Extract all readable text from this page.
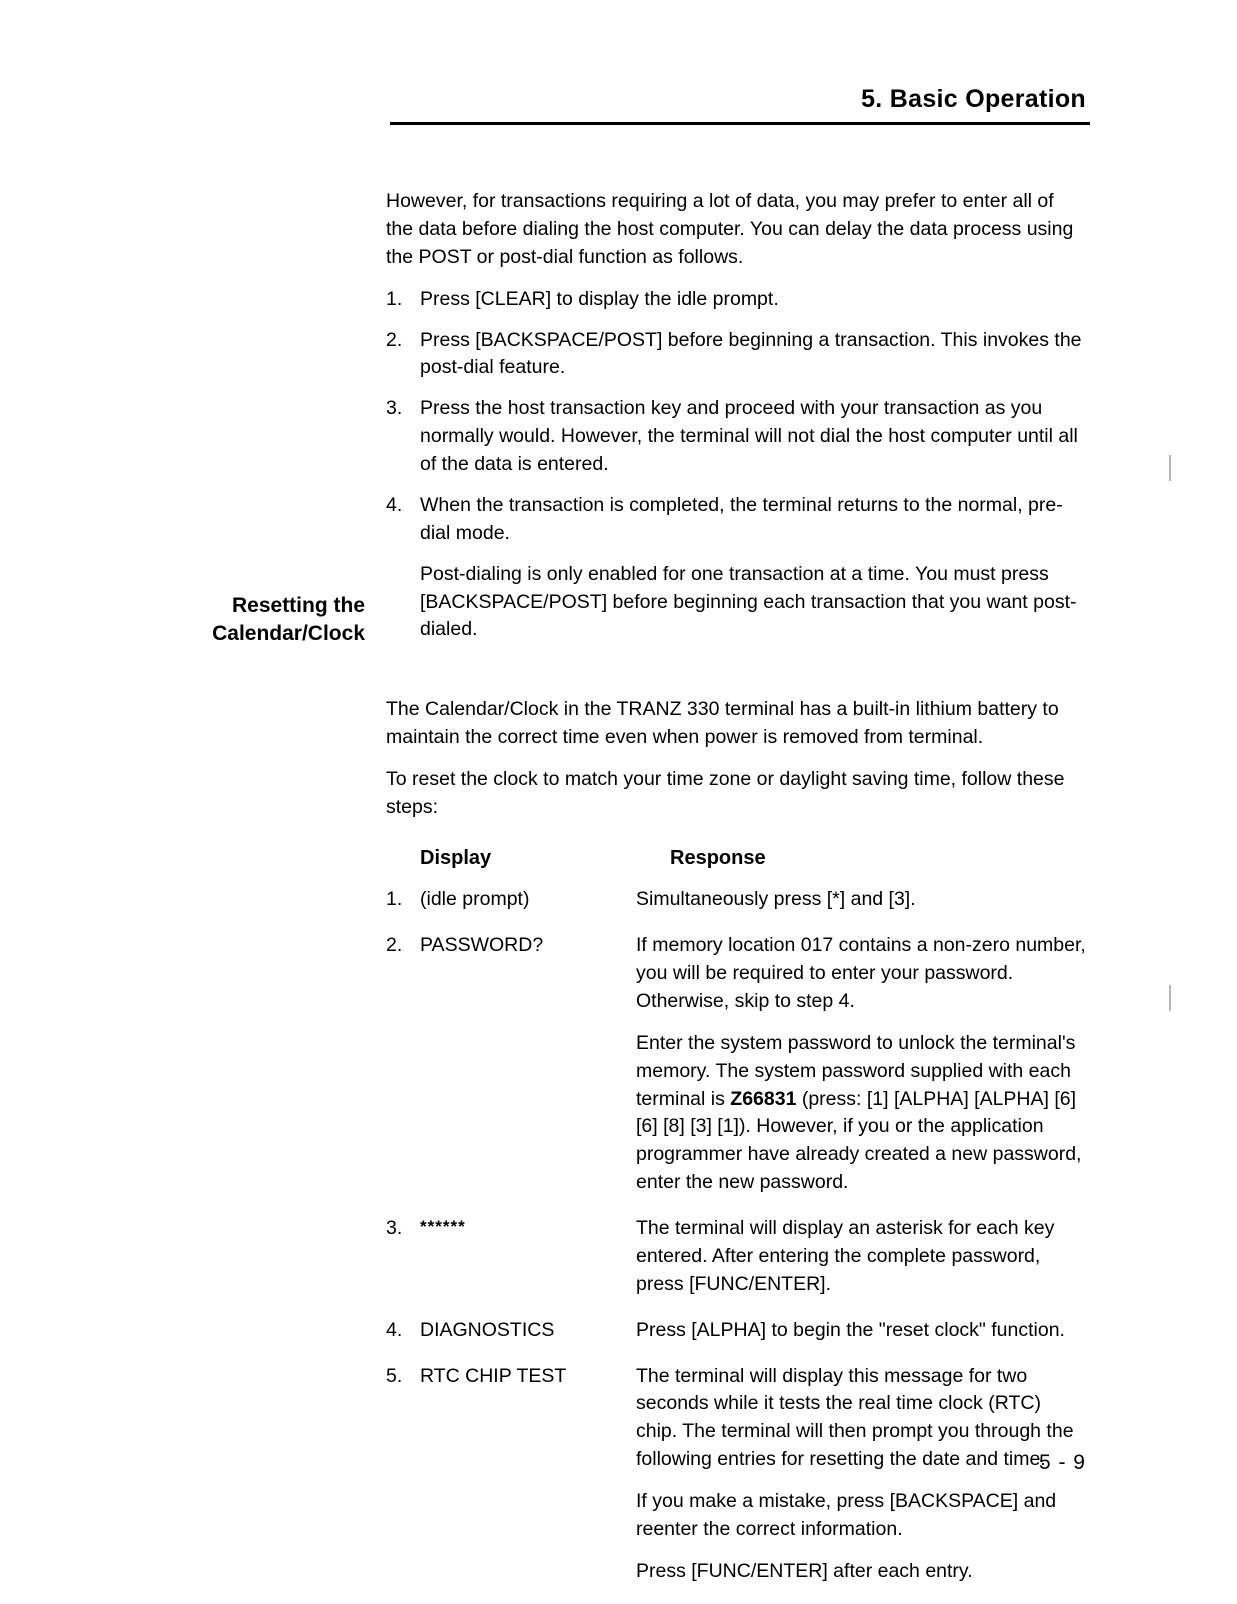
5. Basic Operation
Resetting the
Calendar/Clock

However, for transactions requiring a lot of data, you may prefer to enter all of the data before dialing the host computer. You can delay the data process using the POST or post-dial function as follows.

1. Press [CLEAR] to display the idle prompt.
2. Press [BACKSPACE/POST] before beginning a transaction. This invokes the post-dial feature.
3. Press the host transaction key and proceed with your transaction as you normally would. However, the terminal will not dial the host computer until all of the data is entered.
4. When the transaction is completed, the terminal returns to the normal, pre-dial mode.

Post-dialing is only enabled for one transaction at a time. You must press [BACKSPACE/POST] before beginning each transaction that you want post-dialed.

The Calendar/Clock in the TRANZ 330 terminal has a built-in lithium battery to maintain the correct time even when power is removed from terminal.

To reset the clock to match your time zone or daylight saving time, follow these steps:

Display	Response
1. (idle prompt)	Simultaneously press [*] and [3].

2. PASSWORD?	If memory location 017 contains a non-zero number, you will be required to enter your password. Otherwise, skip to step 4.

Enter the system password to unlock the terminal's memory. The system password supplied with each terminal is Z66831 (press: [1] [ALPHA] [ALPHA] [6] [6] [8] [3] [1]). However, if you or the application programmer have already created a new password, enter the new password.

3.	******	The terminal will display an asterisk for each key entered. After entering the complete password, press [FUNC/ENTER].

4. DIAGNOSTICS	Press [ALPHA] to begin the "reset clock" function.

5. RTC CHIP TEST	The terminal will display this message for two seconds while it tests the real time clock (RTC) chip. The terminal will then prompt you through the following entries for resetting the date and time.

If you make a mistake, press [BACKSPACE] and reenter the correct information.

Press [FUNC/ENTER] after each entry.

5 - 9
